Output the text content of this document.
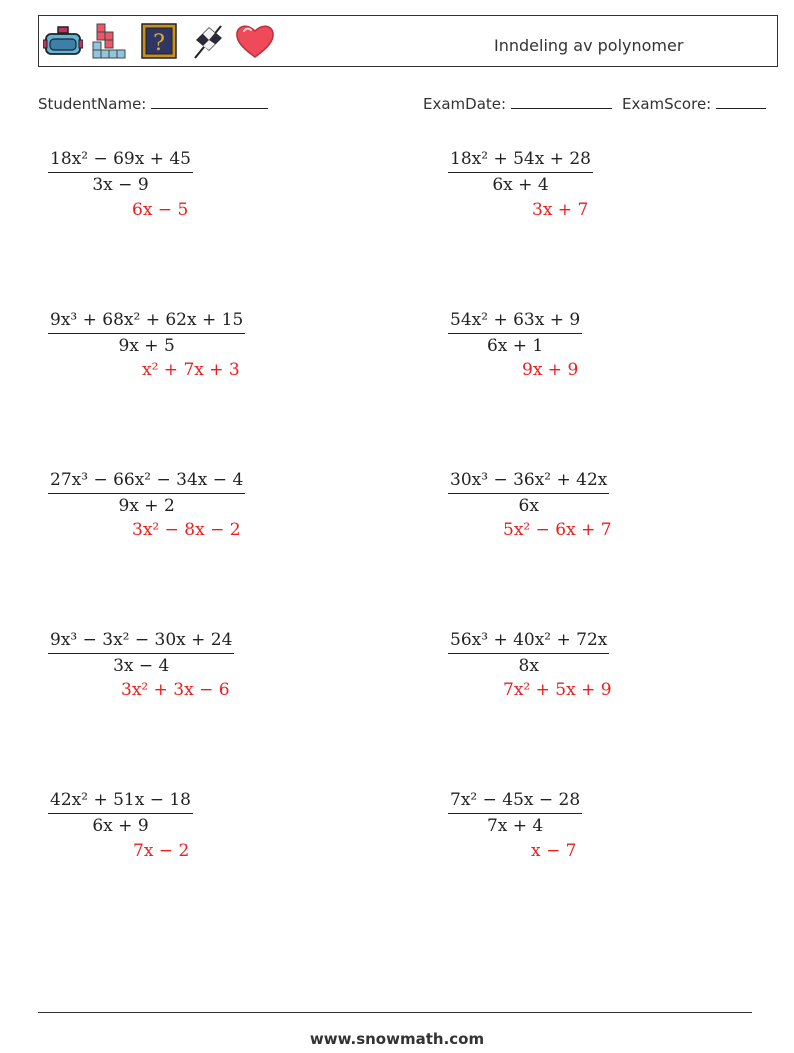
?	Inndeling av polynomer
StudentName:	ExamDate:	ExamScore:
$\frac{\text{18x² − 69x + 45}}{3x - 9}$
6x − 5
$\frac{\text{18x² + 54x + 28}}{6x + 4}$
3x + 7
$\frac{\text{9x³ + 68x² + 62x + 15}}{9x + 5}$
x² + 7x + 3
$\frac{\text{54x² + 63x + 9}}{6x + 1}$
9x + 9
$\frac{\text{27x³ − 66x² − 34x − 4}}{9x + 2}$
3x² − 8x − 2
$\frac{\text{30x³ − 36x² + 42x}}{6x}$
5x² − 6x + 7
$\frac{\text{9x³ − 3x² − 30x + 24}}{3x - 4}$
3x² + 3x − 6
$\frac{\text{56x³ + 40x² + 72x}}{8x}$
7x² + 5x + 9
$\frac{\text{42x² + 51x − 18}}{6x + 9}$
7x − 2
$\frac{\text{7x² − 45x − 28}}{7x + 4}$
x − 7
www.snowmath.com
